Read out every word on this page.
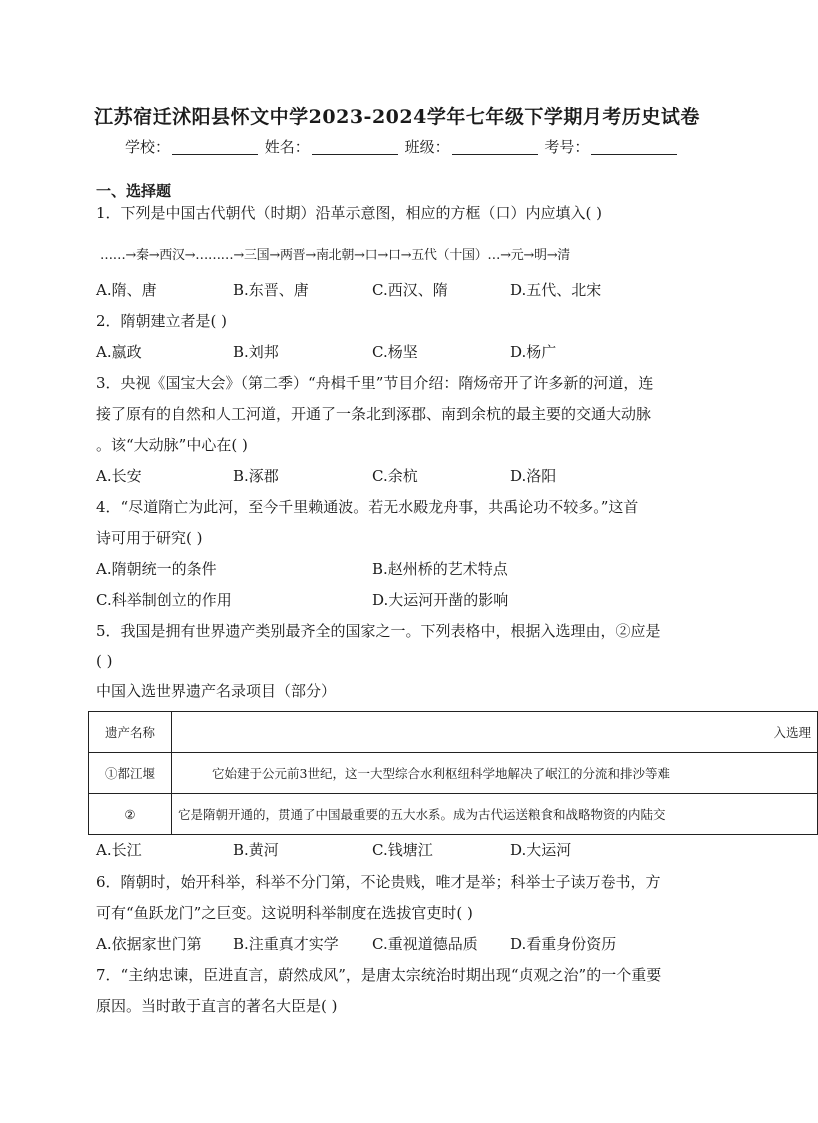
江苏宿迁沭阳县怀文中学2023-2024学年七年级下学期月考历史试卷
学校：	姓名：	班级：	考号：
一、选择题
1．下列是中国古代朝代（时期）沿革示意图，相应的方框（口）内应填入( )
……→秦→西汉→………→三国→两晋→南北朝→口→口→五代（十国）…→元→明→清
A.隋、唐	B.东晋、唐	C.西汉、隋	D.五代、北宋
2．隋朝建立者是( )
A.嬴政	B.刘邦	C.杨坚	D.杨广
3．央视《国宝大会》（第二季）“舟楫千里”节目介绍：隋炀帝开了许多新的河道，连
接了原有的自然和人工河道，开通了一条北到涿郡、南到余杭的最主要的交通大动脉
。该“大动脉”中心在( )
A.长安	B.涿郡	C.余杭	D.洛阳
4．“尽道隋亡为此河，至今千里赖通波。若无水殿龙舟事，共禹论功不较多。”这首
诗可用于研究( )
A.隋朝统一的条件	B.赵州桥的艺术特点
C.科举制创立的作用	D.大运河开凿的影响
5．我国是拥有世界遗产类别最齐全的国家之一。下列表格中，根据入选理由，②应是
( )
中国入选世界遗产名录项目（部分）
遗产名称	入选理
①都江堰	它始建于公元前3世纪，这一大型综合水利枢纽科学地解决了岷江的分流和排沙等难
②	它是隋朝开通的，贯通了中国最重要的五大水系。成为古代运送粮食和战略物资的内陆交
A.长江	B.黄河	C.钱塘江	D.大运河
6．隋朝时，始开科举，科举不分门第，不论贵贱，唯才是举；科举士子读万卷书，方
可有“鱼跃龙门”之巨变。这说明科举制度在选拔官吏时( )
A.依据家世门第 B.注重真才实学 C.重视道德品质 D.看重身份资历
7．“主纳忠谏，臣进直言，蔚然成风”，是唐太宗统治时期出现“贞观之治”的一个重要
原因。当时敢于直言的著名大臣是( )
